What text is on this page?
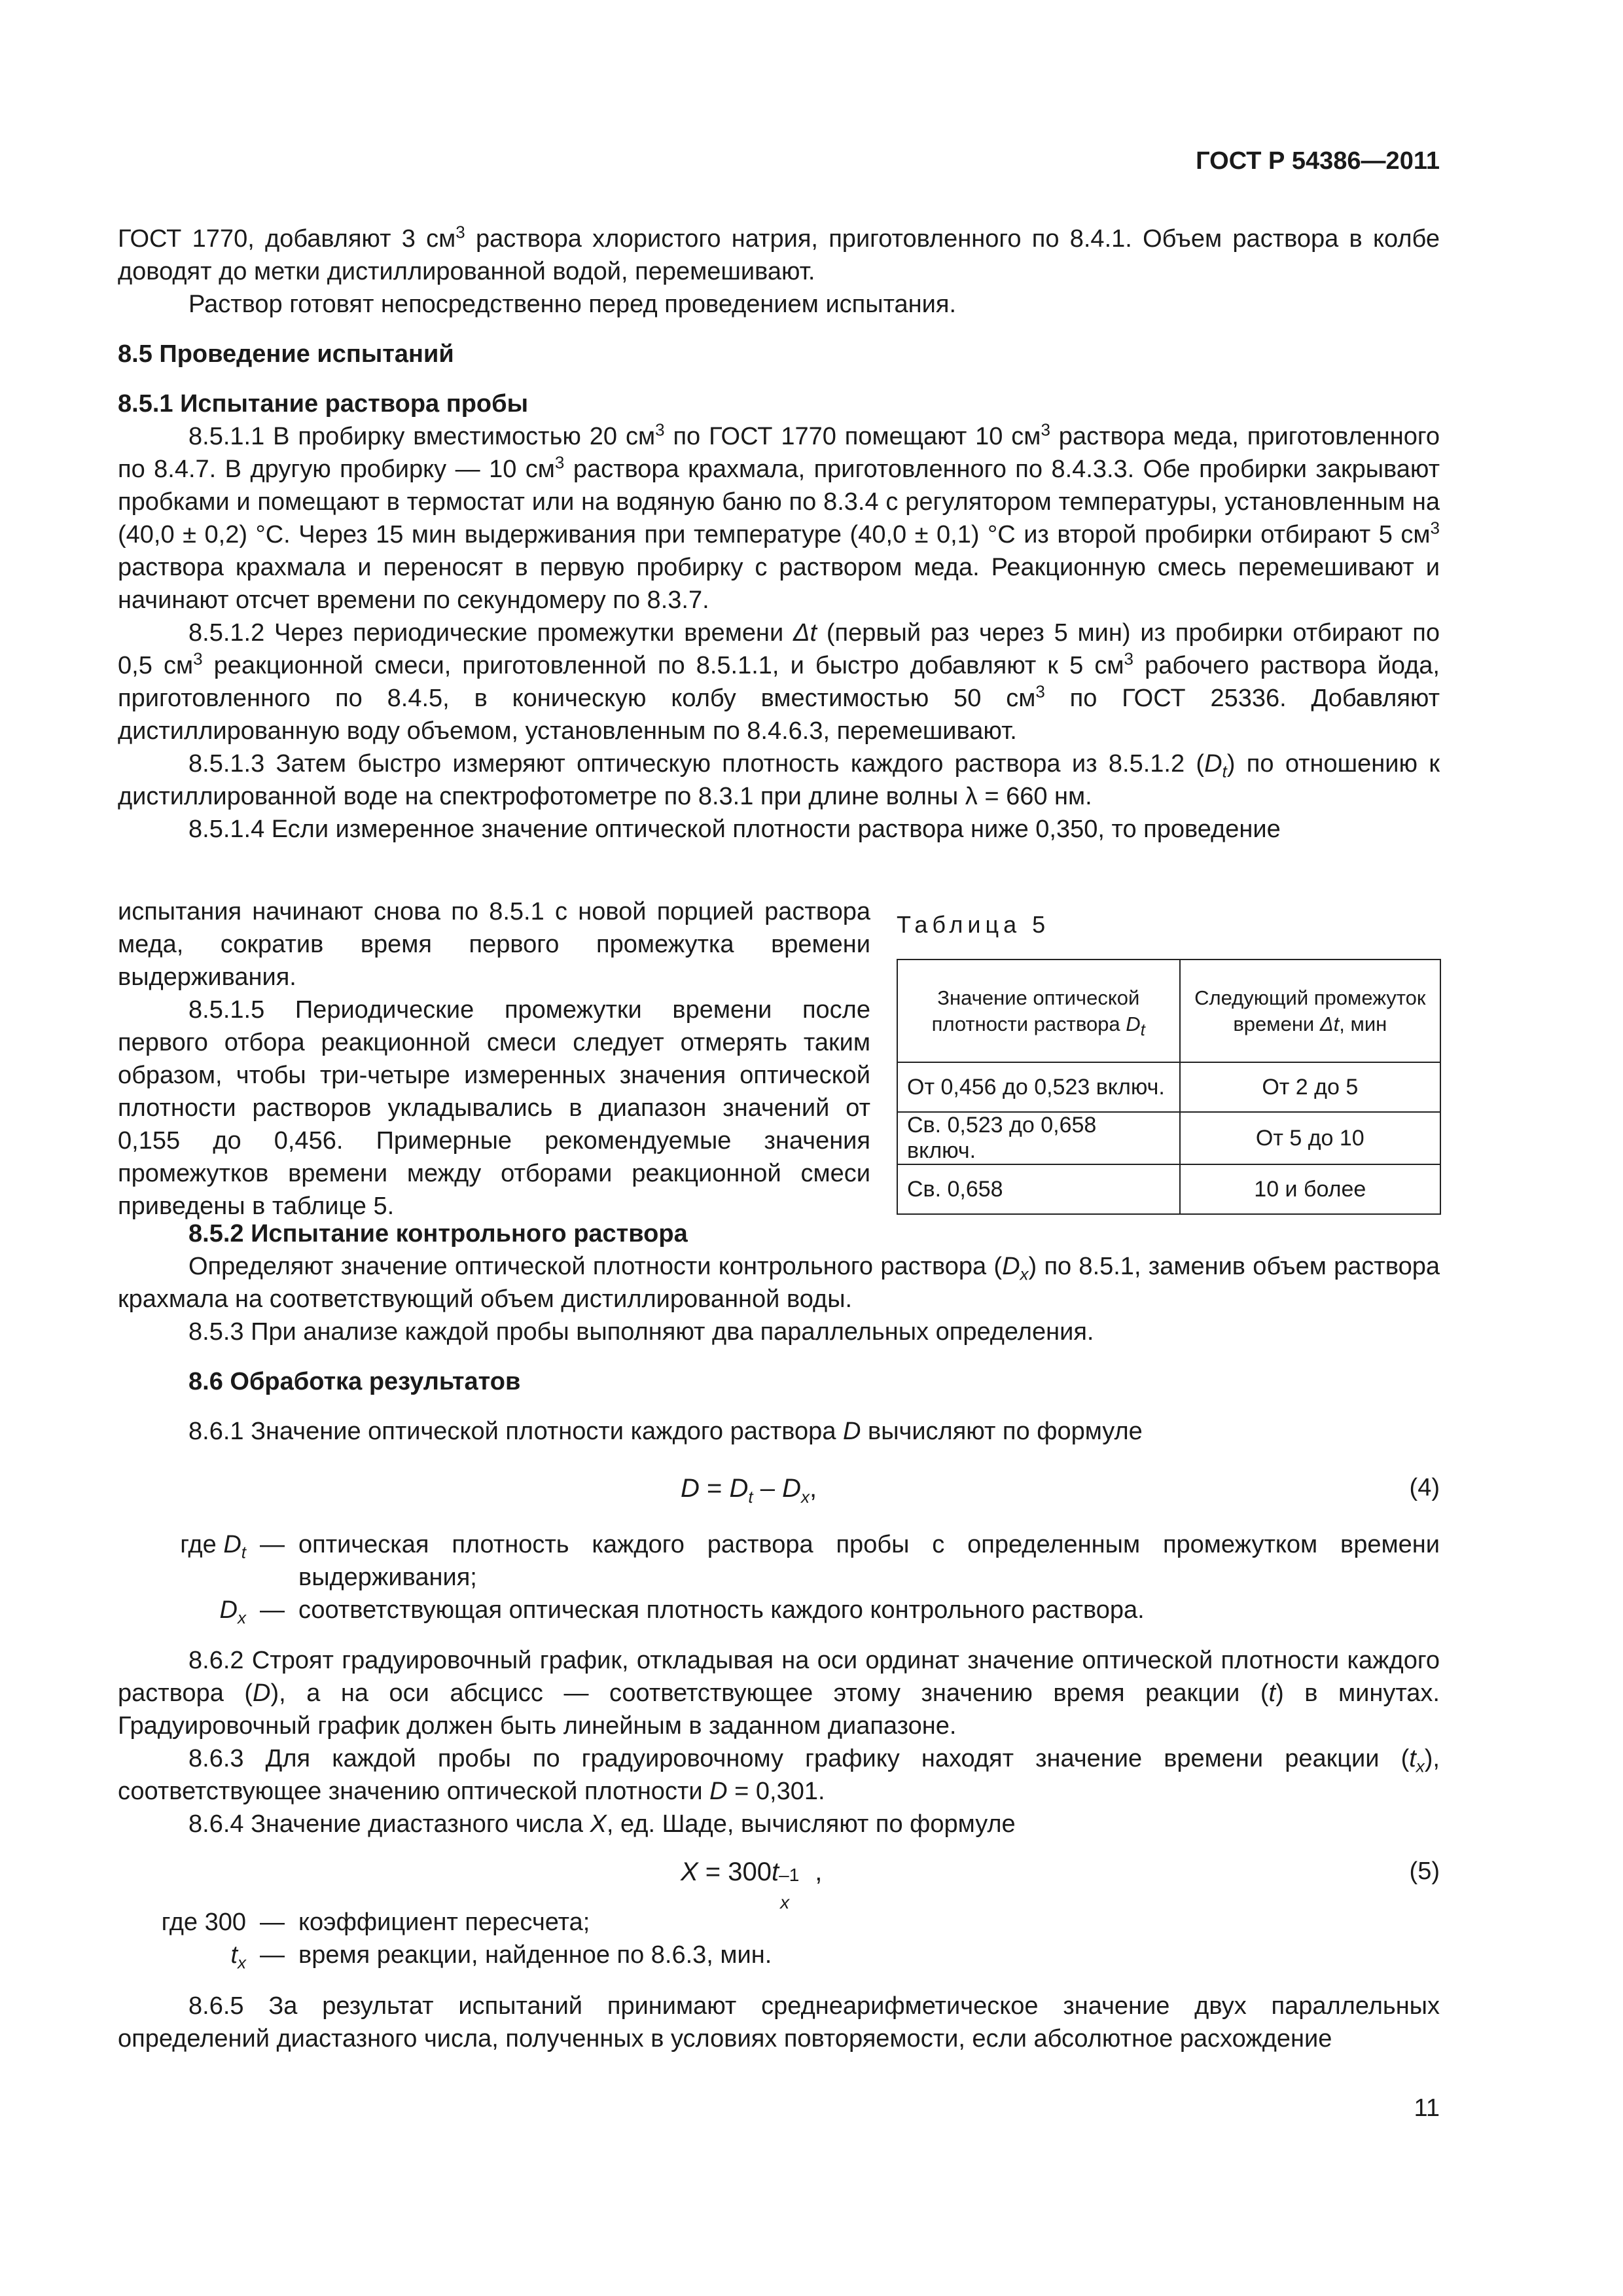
ГОСТ Р 54386—2011

ГОСТ 1770, добавляют 3 $см^3$ раствора хлористого натрия, приготовленного по 8.4.1. Объем раствора в колбе доводят до метки дистиллированной водой, перемешивают.

Раствор готовят непосредственно перед проведением испытания.

8.5 Проведение испытаний

8.5.1 Испытание раствора пробы

8.5.1.1 В пробирку вместимостью 20 $см^3$ по ГОСТ 1770 помещают 10 $см^3$ раствора меда, приготовленного по 8.4.7. В другую пробирку — 10 $см^3$ раствора крахмала, приготовленного по 8.4.3.3. Обе пробирки закрывают пробками и помещают в термостат или на водяную баню по 8.3.4 с регулятором температуры, установленным на (40,0 ± 0,2) °С. Через 15 мин выдерживания при температуре (40,0 ± 0,1) °С из второй пробирки отбирают 5 $см^3$ раствора крахмала и переносят в первую пробирку с раствором меда. Реакционную смесь перемешивают и начинают отсчет времени по секундомеру по 8.3.7.

8.5.1.2 Через периодические промежутки времени Δt (первый раз через 5 мин) из пробирки отбирают по 0,5 $см^3$ реакционной смеси, приготовленной по 8.5.1.1, и быстро добавляют к 5 $см^3$ рабочего раствора йода, приготовленного по 8.4.5, в коническую колбу вместимостью 50 $см^3$ по ГОСТ 25336. Добавляют дистиллированную воду объемом, установленным по 8.4.6.3, перемешивают.

8.5.1.3 Затем быстро измеряют оптическую плотность каждого раствора из 8.5.1.2 $(D_t)$ по отношению к дистиллированной воде на спектрофотометре по 8.3.1 при длине волны λ = 660 нм.

8.5.1.4 Если измеренное значение оптической плотности раствора ниже 0,350, то проведение

испытания начинают снова по 8.5.1 с новой порцией раствора меда, сократив время первого промежутка времени выдерживания.

8.5.1.5 Периодические промежутки времени после первого отбора реакционной смеси следует отмерять таким образом, чтобы три-четыре измеренных значения оптической плотности растворов укладывались в диапазон значений от 0,155 до 0,456. Примерные рекомендуемые значения промежутков времени между отборами реакционной смеси приведены в таблице 5.

Таблица 5
Значение оптической плотности раствора $D_t$	Следующий промежуток времени Δt, мин
От 0,456 до 0,523 включ.	От 2 до 5
Св. 0,523 до 0,658 включ.	От 5 до 10
Св. 0,658	10 и более

8.5.2 Испытание контрольного раствора

Определяют значение оптической плотности контрольного раствора $(D_x)$ по 8.5.1, заменив объем раствора крахмала на соответствующий объем дистиллированной воды.

8.5.3 При анализе каждой пробы выполняют два параллельных определения.

8.6 Обработка результатов

8.6.1 Значение оптической плотности каждого раствора D вычисляют по формуле

$D = D_t - D_x$,	(4)
где $D_t$ — оптическая плотность каждого раствора пробы с определенным промежутком времени выдерживания;
$D_x$ — соответствующая оптическая плотность каждого контрольного раствора.

8.6.2 Строят градуировочный график, откладывая на оси ординат значение оптической плотности каждого раствора (D), а на оси абсцисс — соответствующее этому значению время реакции (t) в минутах. Градуировочный график должен быть линейным в заданном диапазоне.

8.6.3 Для каждой пробы по градуировочному графику находят значение времени реакции $(t_x)$, соответствующее значению оптической плотности D = 0,301.

8.6.4 Значение диастазного числа X, ед. Шаде, вычисляют по формуле

X = 300t –1
x
,	(5)
где 300 — коэффициент пересчета;
$t_x$ — время реакции, найденное по 8.6.3, мин.

8.6.5 За результат испытаний принимают среднеарифметическое значение двух параллельных определений диастазного числа, полученных в условиях повторяемости, если абсолютное расхождение

11
